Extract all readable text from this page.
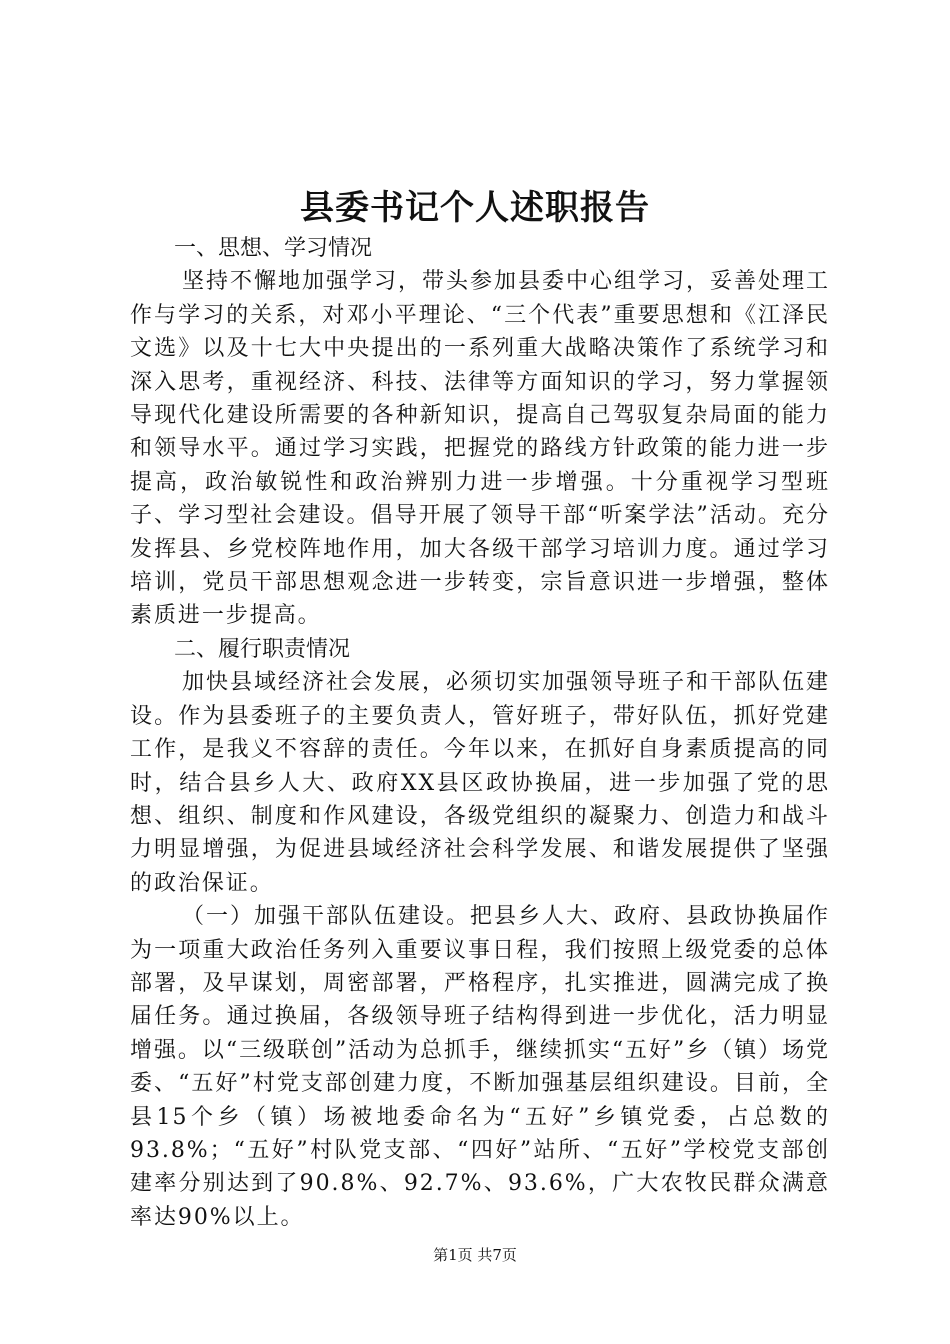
县委书记个人述职报告

一、思想、学习情况

坚持不懈地加强学习，带头参加县委中心组学习，妥善处理工作与学习的关系，对邓小平理论、“三个代表”重要思想和《江泽民文选》以及十七大中央提出的一系列重大战略决策作了系统学习和深入思考，重视经济、科技、法律等方面知识的学习，努力掌握领导现代化建设所需要的各种新知识，提高自己驾驭复杂局面的能力和领导水平。通过学习实践，把握党的路线方针政策的能力进一步提高，政治敏锐性和政治辨别力进一步增强。十分重视学习型班子、学习型社会建设。倡导开展了领导干部“听案学法”活动。充分发挥县、乡党校阵地作用，加大各级干部学习培训力度。通过学习培训，党员干部思想观念进一步转变，宗旨意识进一步增强，整体素质进一步提高。

二、履行职责情况

加快县域经济社会发展，必须切实加强领导班子和干部队伍建设。作为县委班子的主要负责人，管好班子，带好队伍，抓好党建工作，是我义不容辞的责任。今年以来，在抓好自身素质提高的同时，结合县乡人大、政府XX县区政协换届，进一步加强了党的思想、组织、制度和作风建设，各级党组织的凝聚力、创造力和战斗力明显增强，为促进县域经济社会科学发展、和谐发展提供了坚强的政治保证。

（一）加强干部队伍建设。把县乡人大、政府、县政协换届作为一项重大政治任务列入重要议事日程，我们按照上级党委的总体部署，及早谋划，周密部署，严格程序，扎实推进，圆满完成了换届任务。通过换届，各级领导班子结构得到进一步优化，活力明显增强。以“三级联创”活动为总抓手，继续抓实“五好”乡（镇）场党委、“五好”村党支部创建力度，不断加强基层组织建设。目前，全县15个乡（镇）场被地委命名为“五好”乡镇党委，占总数的93.8%；“五好”村队党支部、“四好”站所、“五好”学校党支部创建率分别达到了90.8%、92.7%、93.6%，广大农牧民群众满意率达90%以上。

第1页 共7页
